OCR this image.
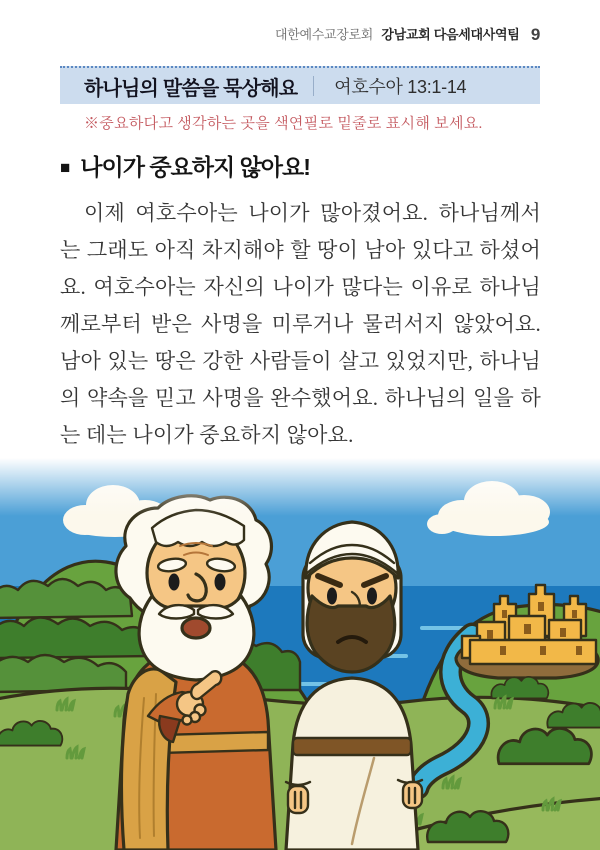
대한예수교장로회 강남교회 다음세대사역팀 9
하나님의 말씀을 묵상해요	여호수아 13:1-14
※중요하다고 생각하는 곳을 색연필로 밑줄로 표시해 보세요.
■ 나이가 중요하지 않아요!
이제 여호수아는 나이가 많아졌어요. 하나님께서는 그래도 아직 차지해야 할 땅이 남아 있다고 하셨어요. 여호수아는 자신의 나이가 많다는 이유로 하나님께로부터 받은 사명을 미루거나 물러서지 않았어요. 남아 있는 땅은 강한 사람들이 살고 있었지만, 하나님의 약속을 믿고 사명을 완수했어요. 하나님의 일을 하는 데는 나이가 중요하지 않아요.
